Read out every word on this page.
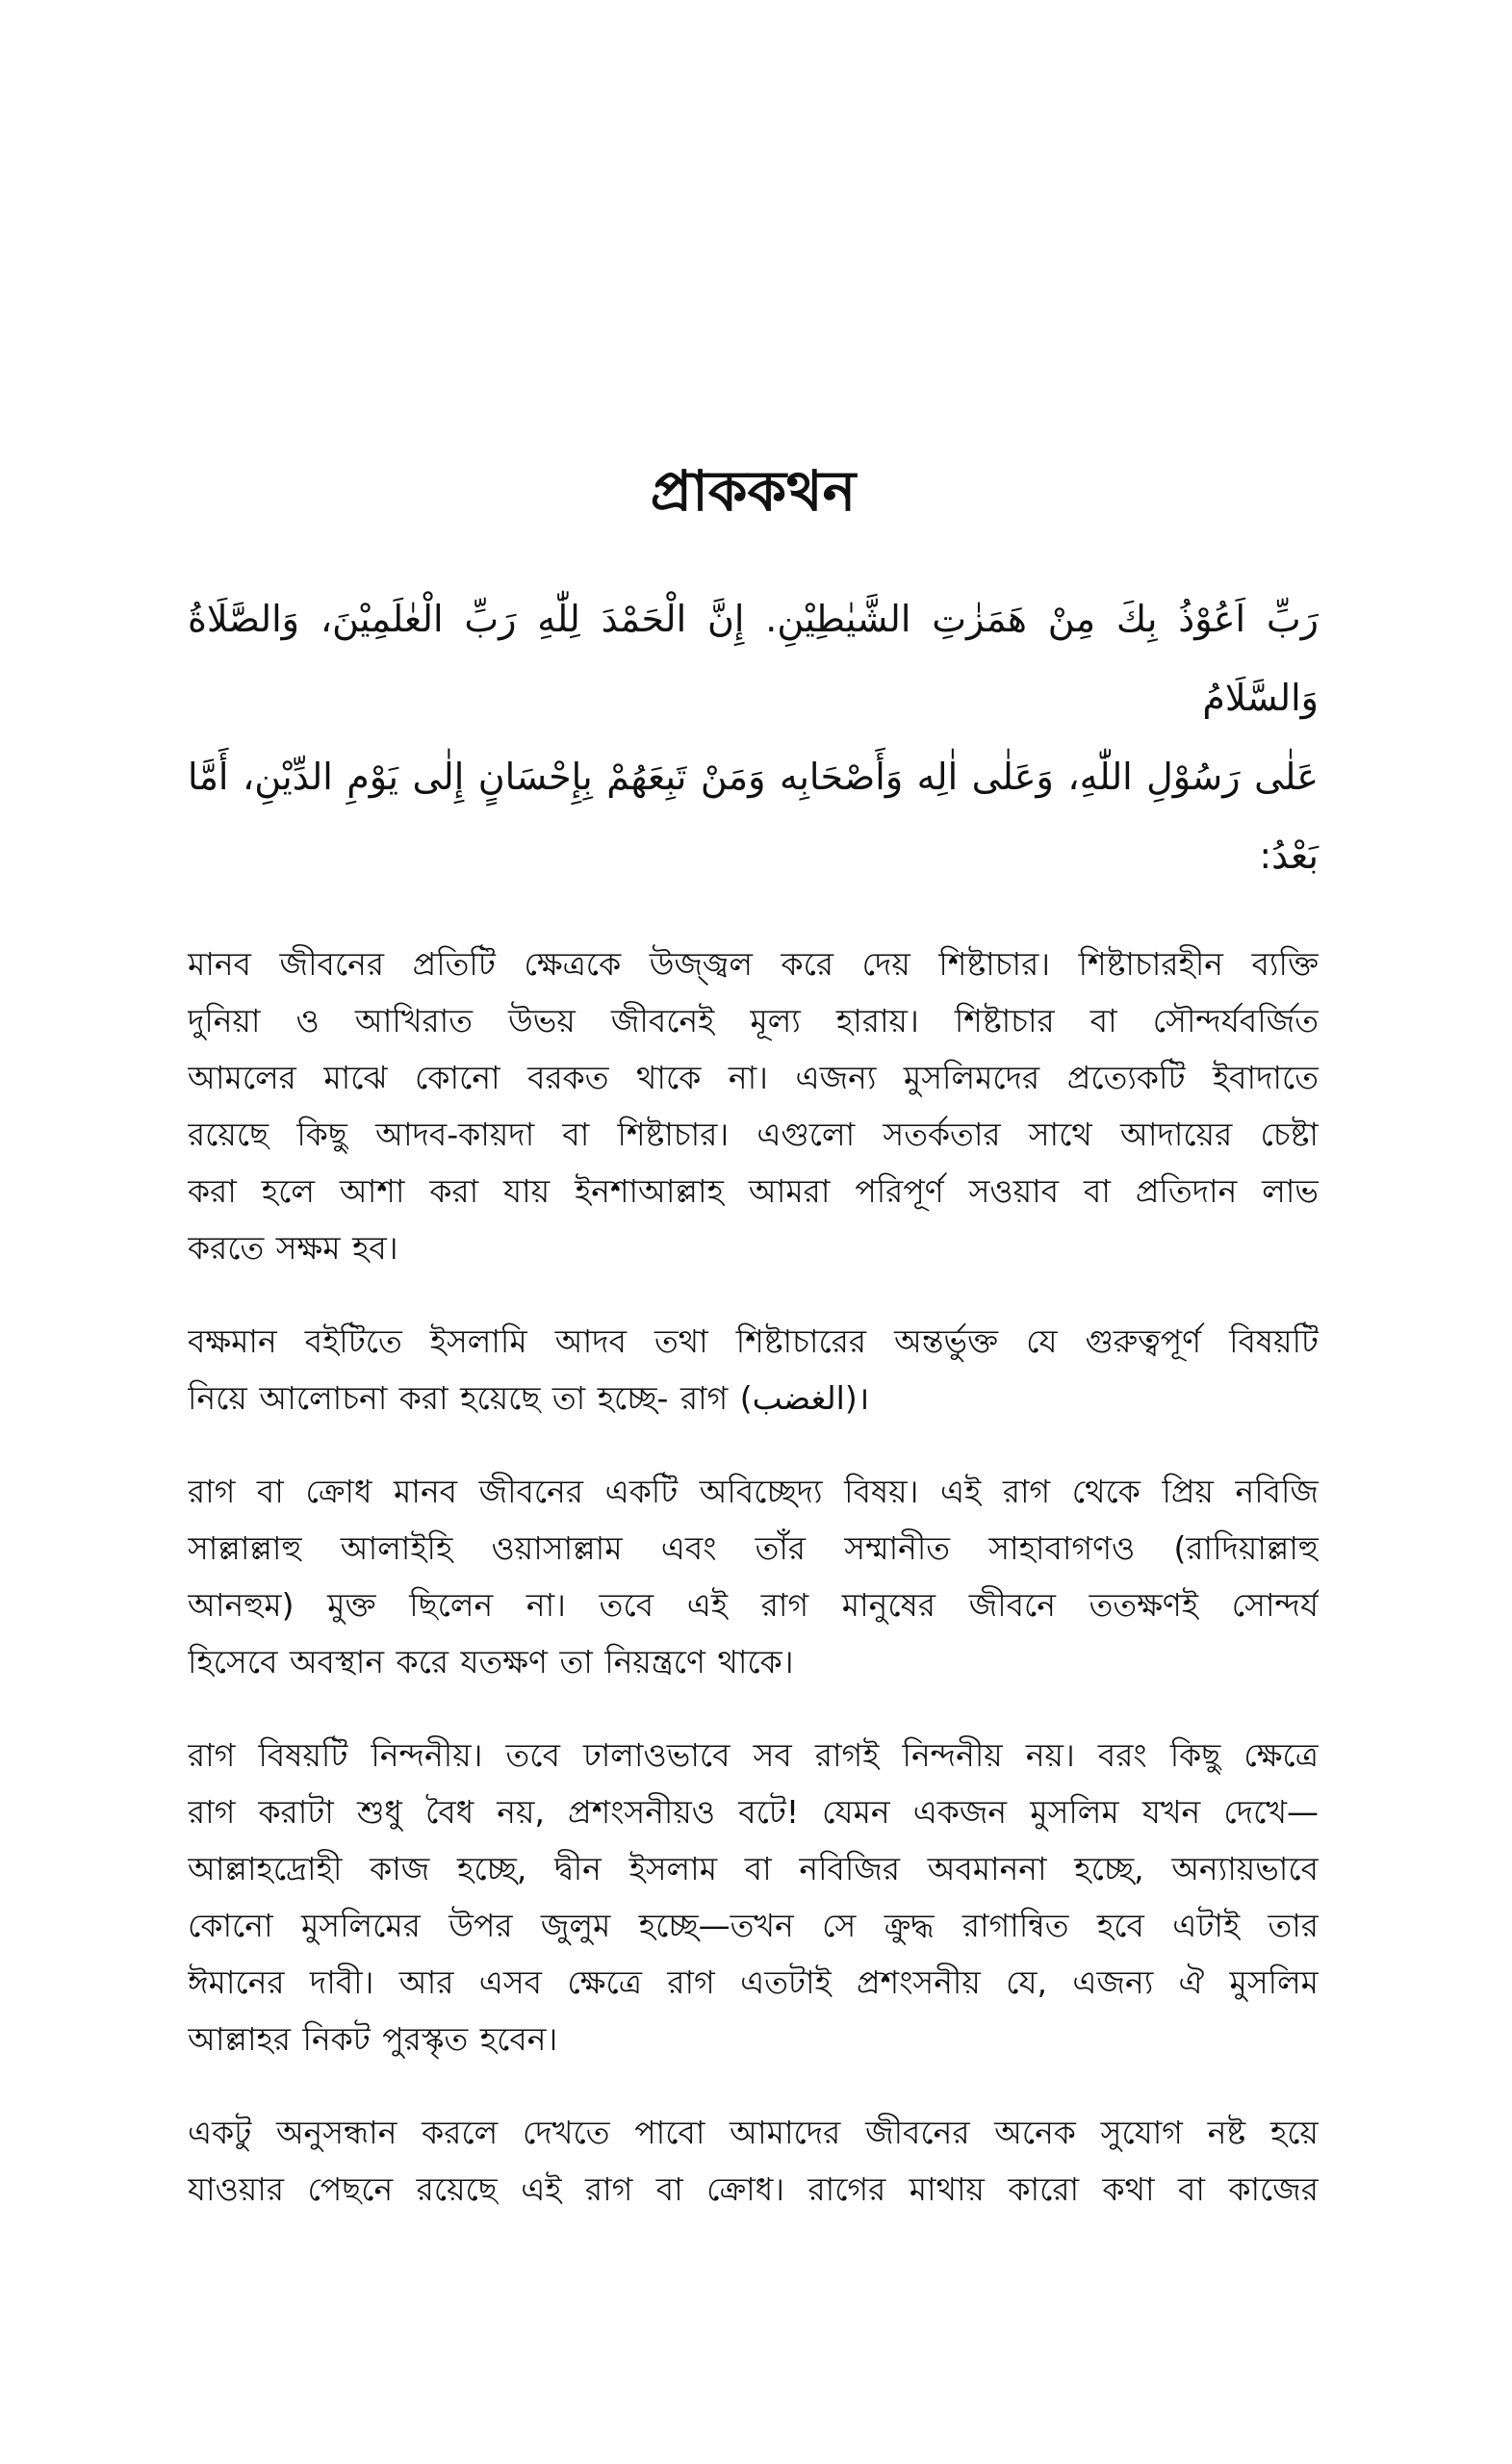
প্রাককথন
رَبِّ اَعُوْذُ بِكَ مِنْ هَمَزٰتِ الشَّيٰطِيْنِ. إِنَّ الْحَمْدَ لِلّٰهِ رَبِّ الْعٰلَمِيْنَ، وَالصَّلَاةُ وَالسَّلَامُ
عَلٰى رَسُوْلِ اللّٰهِ، وَعَلٰى اٰلِه وَأَصْحَابِه وَمَنْ تَبِعَهُمْ بِإِحْسَانٍ إِلٰى يَوْمِ الدِّيْنِ، أَمَّا بَعْدُ:
মানব জীবনের প্রতিটি ক্ষেত্রকে উজ্জ্বল করে দেয় শিষ্টাচার। শিষ্টাচারহীন ব্যক্তি
দুনিয়া ও আখিরাত উভয় জীবনেই মূল্য হারায়। শিষ্টাচার বা সৌন্দর্যবর্জিত
আমলের মাঝে কোনো বরকত থাকে না। এজন্য মুসলিমদের প্রত্যেকটি ইবাদাতে
রয়েছে কিছু আদব-কায়দা বা শিষ্টাচার। এগুলো সতর্কতার সাথে আদায়ের চেষ্টা
করা হলে আশা করা যায় ইনশাআল্লাহ আমরা পরিপূর্ণ সওয়াব বা প্রতিদান লাভ
করতে সক্ষম হব।
বক্ষমান বইটিতে ইসলামি আদব তথা শিষ্টাচারের অন্তর্ভুক্ত যে গুরুত্বপূর্ণ বিষয়টি
নিয়ে আলোচনা করা হয়েছে তা হচ্ছে- রাগ (الغضب)।
রাগ বা ক্রোধ মানব জীবনের একটি অবিচ্ছেদ্য বিষয়। এই রাগ থেকে প্রিয় নবিজি
সাল্লাল্লাহু আলাইহি ওয়াসাল্লাম এবং তাঁর সম্মানীত সাহাবাগণও (রাদিয়াল্লাহু
আনহুম) মুক্ত ছিলেন না। তবে এই রাগ মানুষের জীবনে ততক্ষণই সোন্দর্য
হিসেবে অবস্থান করে যতক্ষণ তা নিয়ন্ত্রণে থাকে।
রাগ বিষয়টি নিন্দনীয়। তবে ঢালাওভাবে সব রাগই নিন্দনীয় নয়। বরং কিছু ক্ষেত্রে
রাগ করাটা শুধু বৈধ নয়, প্রশংসনীয়ও বটে! যেমন একজন মুসলিম যখন দেখে—
আল্লাহদ্রোহী কাজ হচ্ছে, দ্বীন ইসলাম বা নবিজির অবমাননা হচ্ছে, অন্যায়ভাবে
কোনো মুসলিমের উপর জুলুম হচ্ছে—তখন সে ক্রুদ্ধ রাগান্বিত হবে এটাই তার
ঈমানের দাবী। আর এসব ক্ষেত্রে রাগ এতটাই প্রশংসনীয় যে, এজন্য ঐ মুসলিম
আল্লাহর নিকট পুরস্কৃত হবেন।
একটু অনুসন্ধান করলে দেখতে পাবো আমাদের জীবনের অনেক সুযোগ নষ্ট হয়ে
যাওয়ার পেছনে রয়েছে এই রাগ বা ক্রোধ। রাগের মাথায় কারো কথা বা কাজের
